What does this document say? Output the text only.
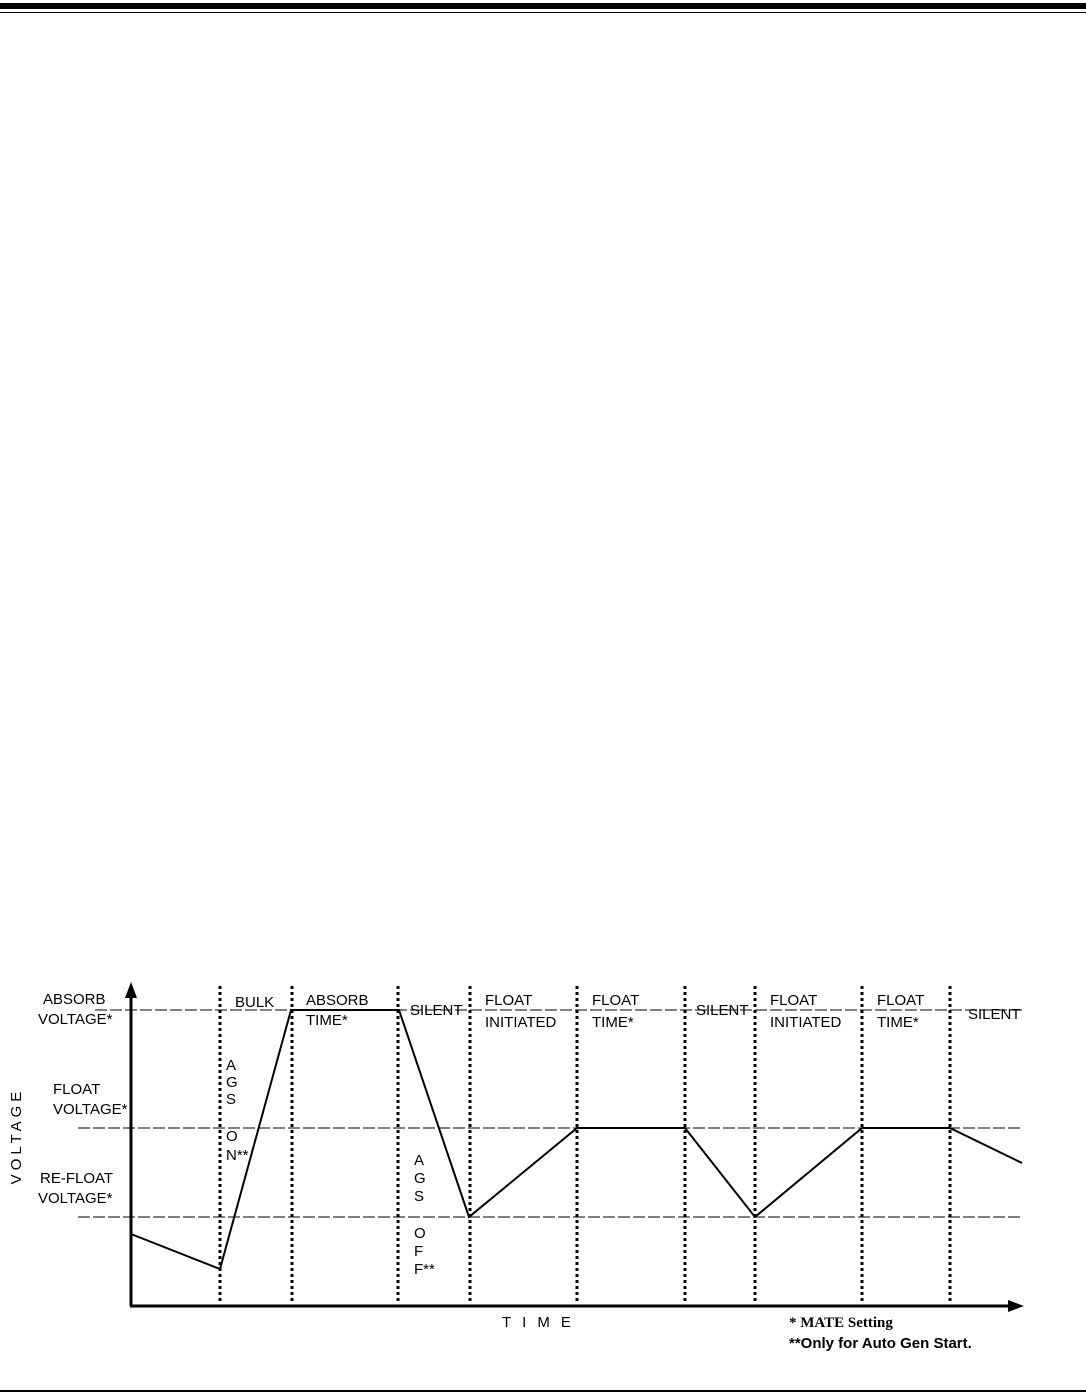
VOLTAGE
ABSORB VOLTAGE*
FLOAT VOLTAGE*
RE-FLOAT VOLTAGE*
BULK ABSORB TIME*
SILENT
FLOAT INITIATED
FLOAT TIME*
SILENT
FLOAT INITIATED
FLOAT TIME*	SILENT
A G S O N**	A G S O F F**
TIME	* MATE Setting
**Only for Auto Gen Start.
